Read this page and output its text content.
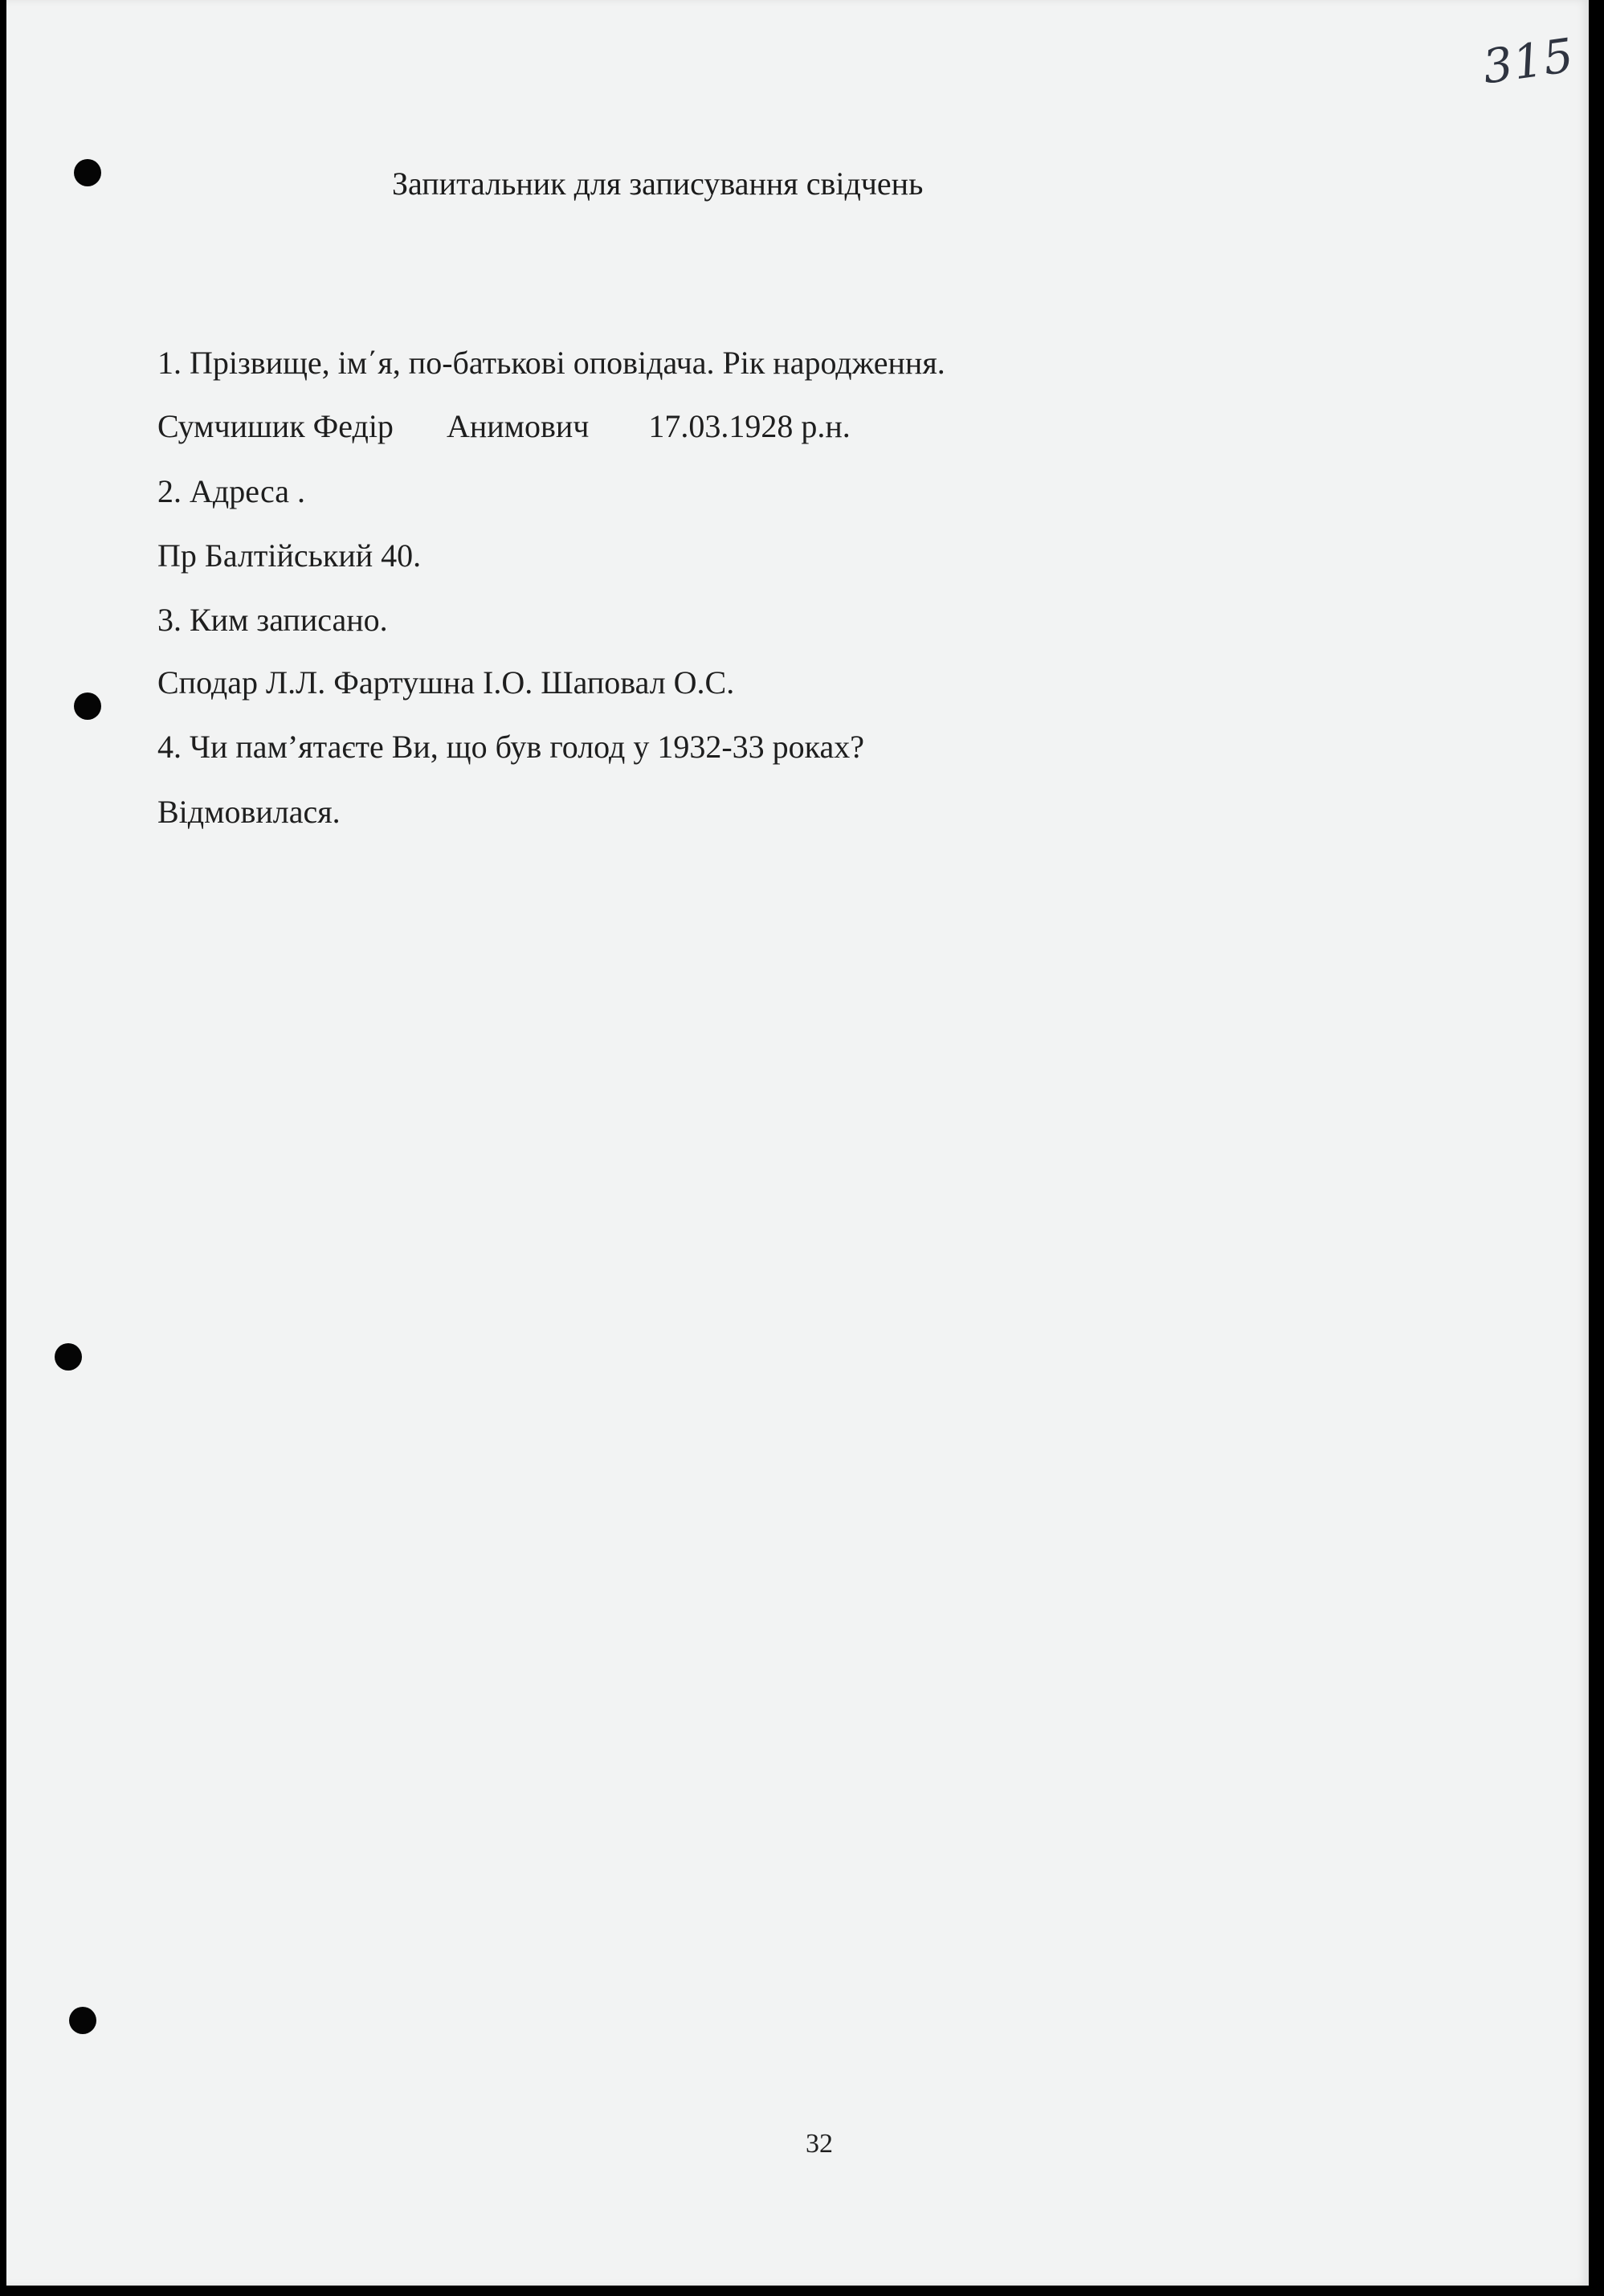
315
Запитальник для записування свідчень
1. Прізвище, ім΄я, по-батькові оповідача. Рік народження.
Сумчишик Федір Анимович 17.03.1928 р.н.
2. Адреса .
Пр Балтійський 40.
3. Ким записано.
Сподар Л.Л. Фартушна І.О. Шаповал О.С.
4. Чи пам’ятаєте Ви, що був голод у 1932-33 роках?
Відмовилася.
32
